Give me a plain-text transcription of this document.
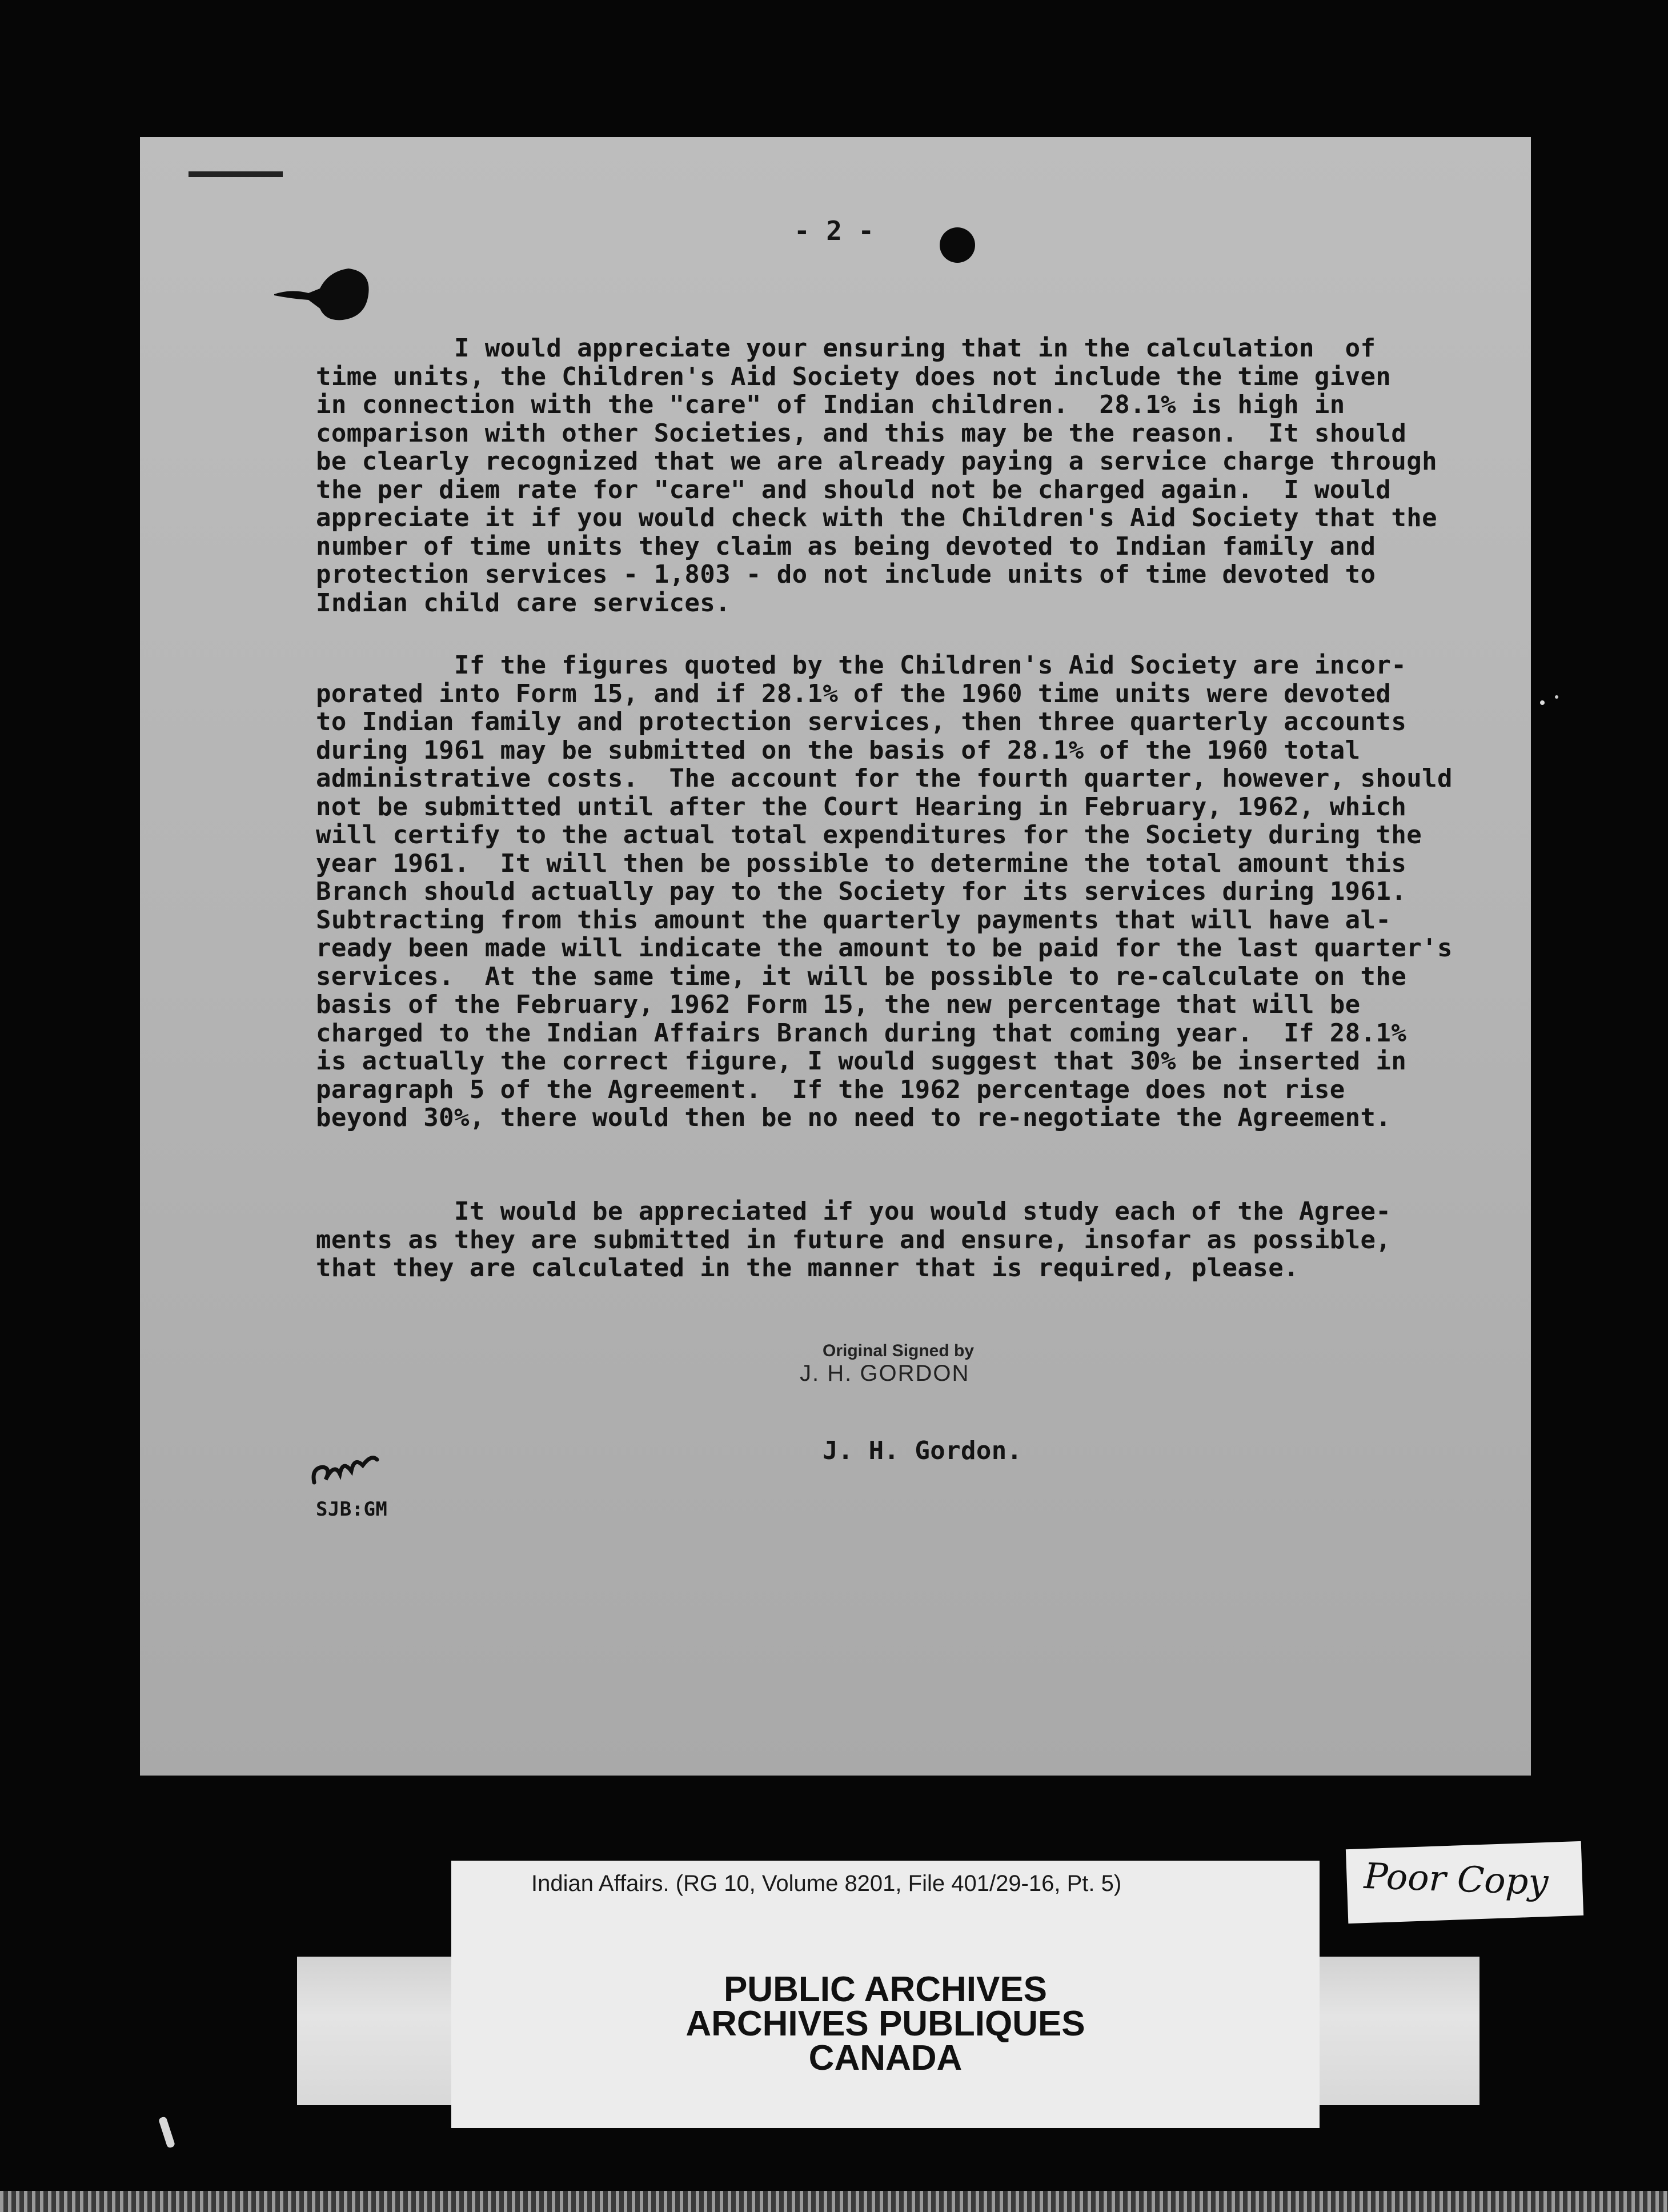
- 2 -
I would appreciate your ensuring that in the calculation  of
time units, the Children's Aid Society does not include the time given
in connection with the "care" of Indian children.  28.1% is high in
comparison with other Societies, and this may be the reason.  It should
be clearly recognized that we are already paying a service charge through
the per diem rate for "care" and should not be charged again.  I would
appreciate it if you would check with the Children's Aid Society that the
number of time units they claim as being devoted to Indian family and
protection services - 1,803 - do not include units of time devoted to
Indian child care services.
If the figures quoted by the Children's Aid Society are incor-
porated into Form 15, and if 28.1% of the 1960 time units were devoted
to Indian family and protection services, then three quarterly accounts
during 1961 may be submitted on the basis of 28.1% of the 1960 total
administrative costs.  The account for the fourth quarter, however, should
not be submitted until after the Court Hearing in February, 1962, which
will certify to the actual total expenditures for the Society during the
year 1961.  It will then be possible to determine the total amount this
Branch should actually pay to the Society for its services during 1961.
Subtracting from this amount the quarterly payments that will have al-
ready been made will indicate the amount to be paid for the last quarter's
services.  At the same time, it will be possible to re-calculate on the
basis of the February, 1962 Form 15, the new percentage that will be
charged to the Indian Affairs Branch during that coming year.  If 28.1%
is actually the correct figure, I would suggest that 30% be inserted in
paragraph 5 of the Agreement.  If the 1962 percentage does not rise
beyond 30%, there would then be no need to re-negotiate the Agreement.
It would be appreciated if you would study each of the Agree-
ments as they are submitted in future and ensure, insofar as possible,
that they are calculated in the manner that is required, please.
Original Signed by
J. H. GORDON
J. H. Gordon.
SJB:GM
Indian Affairs. (RG 10, Volume 8201, File 401/29-16, Pt. 5)	Poor Copy
PUBLIC ARCHIVES
ARCHIVES PUBLIQUES
CANADA
